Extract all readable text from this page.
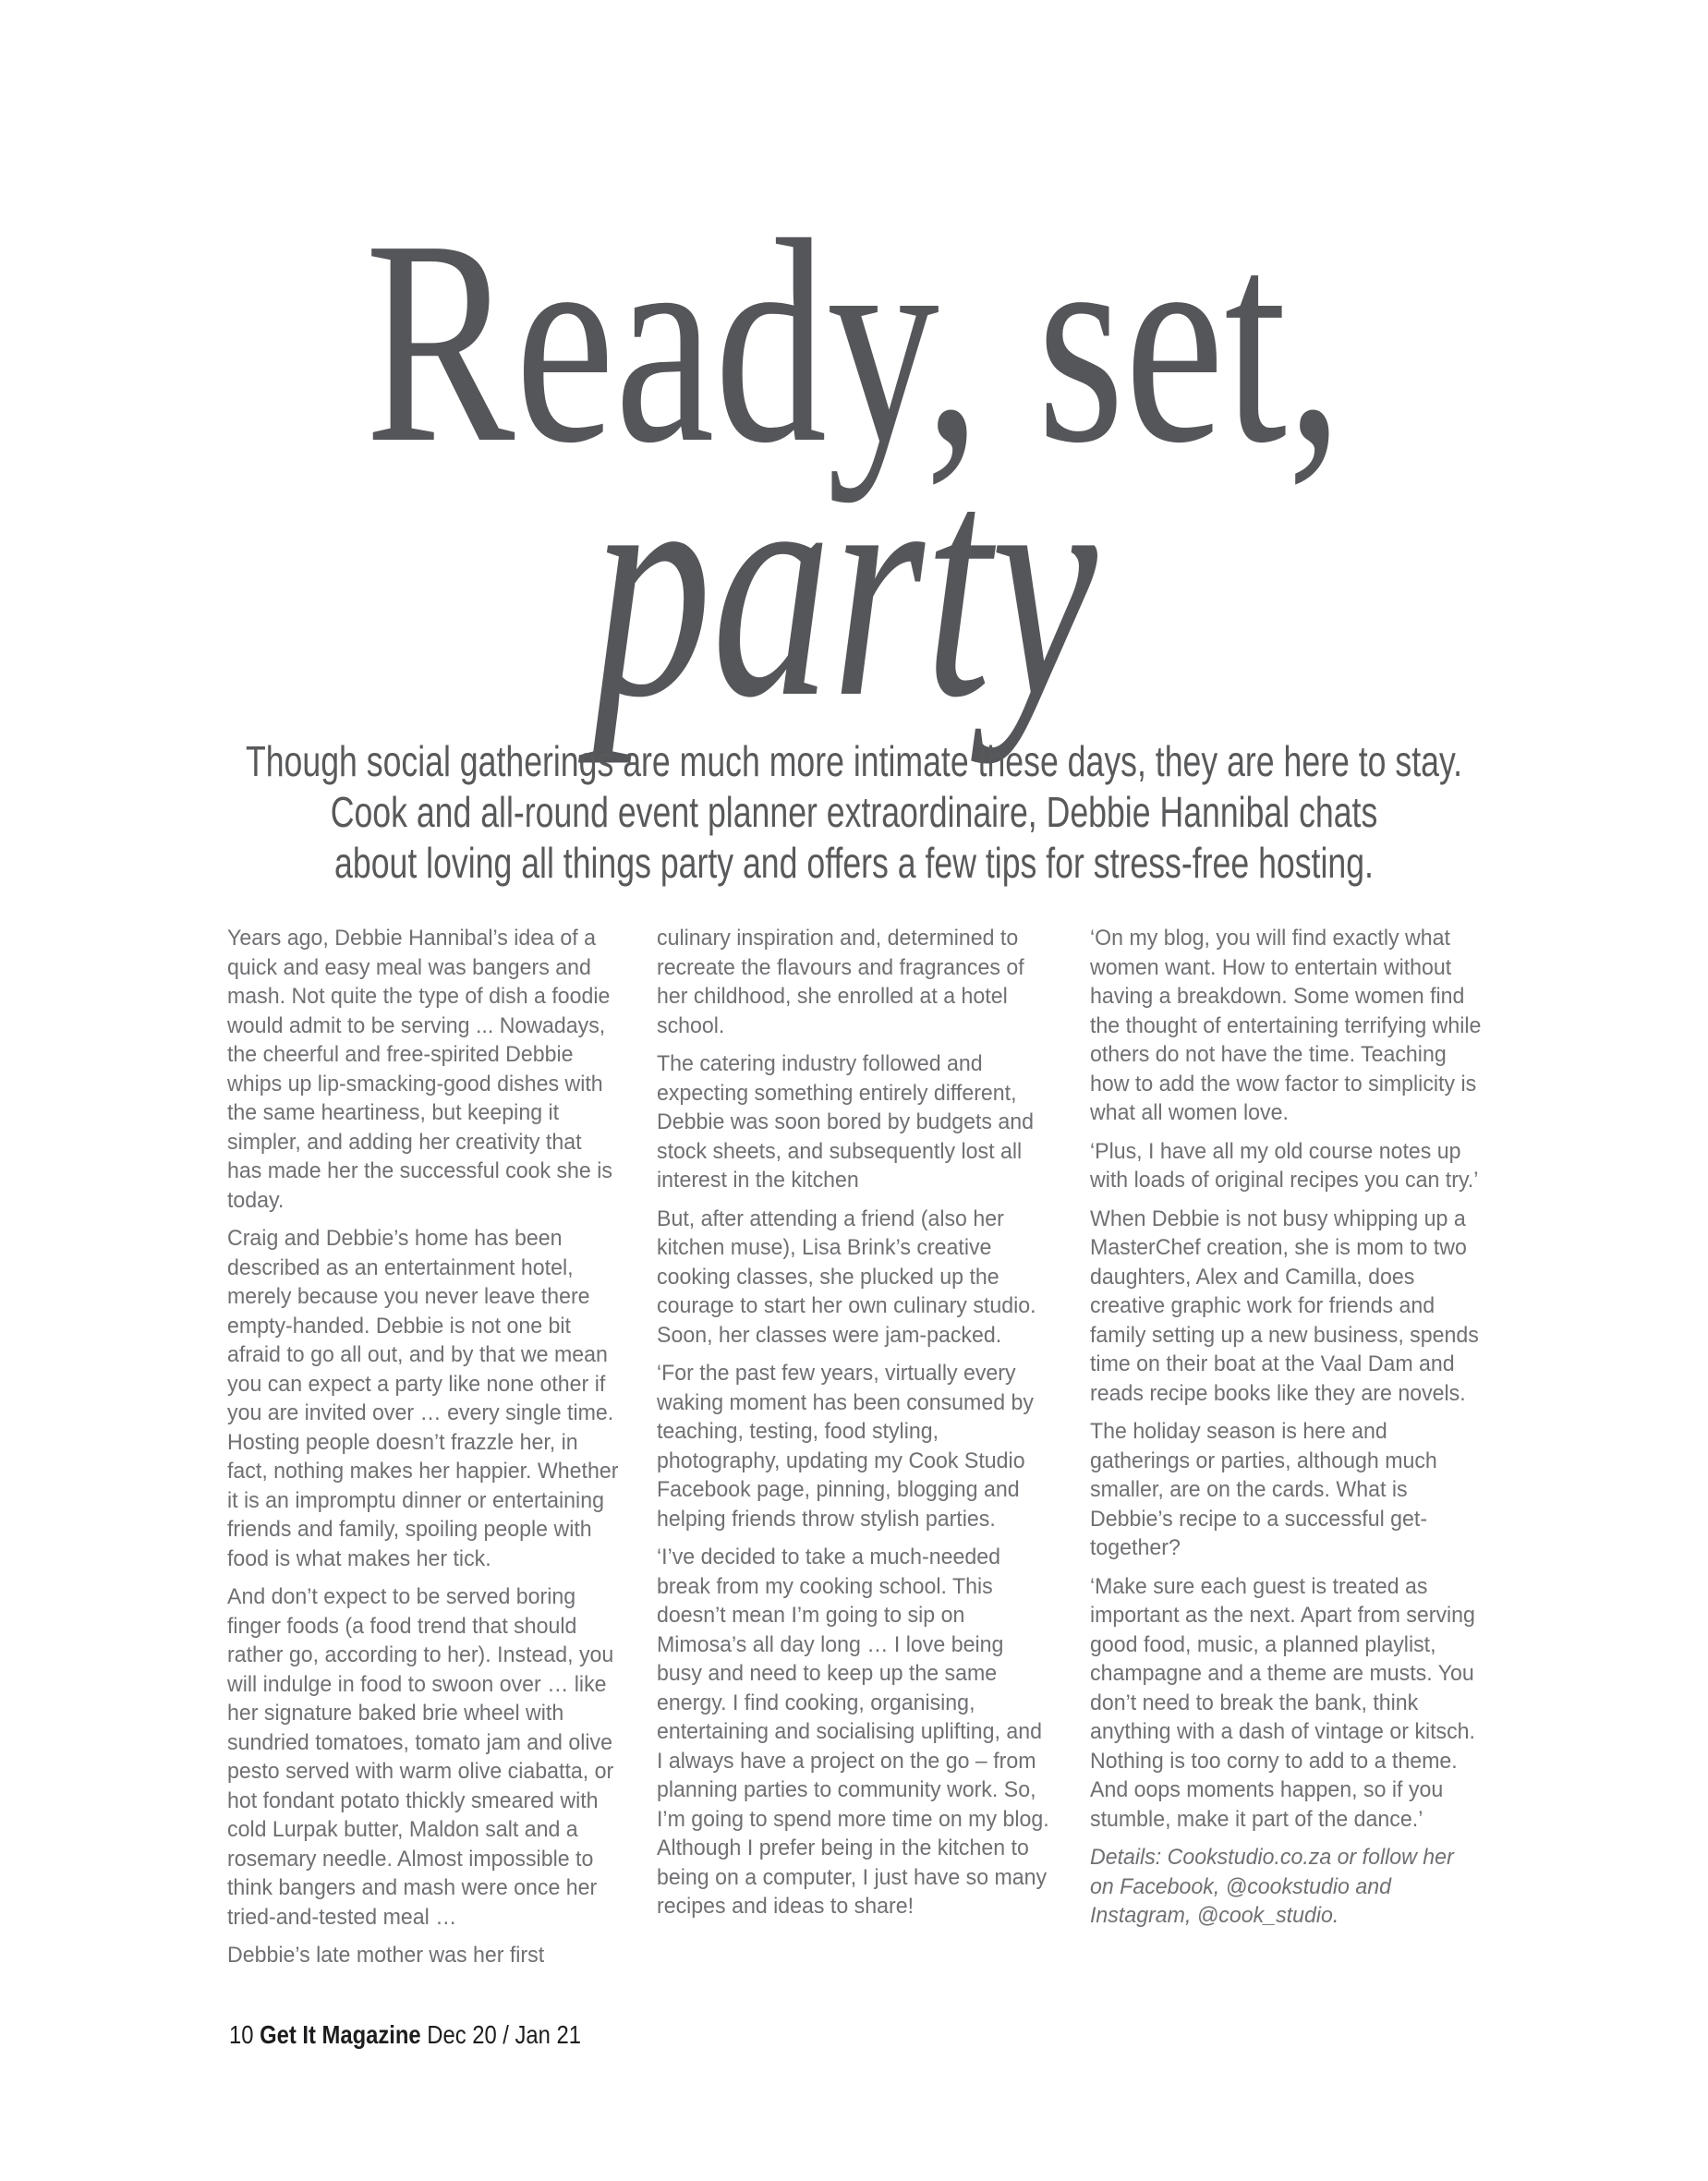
Ready, set,
party
Though social gatherings are much more intimate these days, they are here to stay.
Cook and all-round event planner extraordinaire, Debbie Hannibal chats
about loving all things party and offers a few tips for stress-free hosting.

Years ago, Debbie Hannibal’s idea of a quick and easy meal was bangers and mash. Not quite the type of dish a foodie would admit to be serving ... Nowadays, the cheerful and free-spirited Debbie whips up lip-smacking-good dishes with the same heartiness, but keeping it simpler, and adding her creativity that has made her the successful cook she is today.

Craig and Debbie’s home has been described as an entertainment hotel, merely because you never leave there empty-handed. Debbie is not one bit afraid to go all out, and by that we mean you can expect a party like none other if you are invited over … every single time. Hosting people doesn’t frazzle her, in fact, nothing makes her happier. Whether it is an impromptu dinner or entertaining friends and family, spoiling people with food is what makes her tick.

And don’t expect to be served boring finger foods (a food trend that should rather go, according to her). Instead, you will indulge in food to swoon over … like her signature baked brie wheel with sundried tomatoes, tomato jam and olive pesto served with warm olive ciabatta, or hot fondant potato thickly smeared with cold Lurpak butter, Maldon salt and a rosemary needle. Almost impossible to think bangers and mash were once her tried-and-tested meal …

Debbie’s late mother was her first

culinary inspiration and, determined to recreate the flavours and fragrances of her childhood, she enrolled at a hotel school.

The catering industry followed and expecting something entirely different, Debbie was soon bored by budgets and stock sheets, and subsequently lost all interest in the kitchen

But, after attending a friend (also her kitchen muse), Lisa Brink’s creative cooking classes, she plucked up the courage to start her own culinary studio. Soon, her classes were jam-packed.

‘For the past few years, virtually every waking moment has been consumed by teaching, testing, food styling, photography, updating my Cook Studio Facebook page, pinning, blogging and helping friends throw stylish parties.

‘I’ve decided to take a much-needed break from my cooking school. This doesn’t mean I’m going to sip on Mimosa’s all day long … I love being busy and need to keep up the same energy. I find cooking, organising, entertaining and socialising uplifting, and I always have a project on the go – from planning parties to community work. So, I’m going to spend more time on my blog. Although I prefer being in the kitchen to being on a computer, I just have so many recipes and ideas to share!

‘On my blog, you will find exactly what women want. How to entertain without having a breakdown. Some women find the thought of entertaining terrifying while others do not have the time. Teaching how to add the wow factor to simplicity is what all women love.

‘Plus, I have all my old course notes up with loads of original recipes you can try.’

When Debbie is not busy whipping up a MasterChef creation, she is mom to two daughters, Alex and Camilla, does creative graphic work for friends and family setting up a new business, spends time on their boat at the Vaal Dam and reads recipe books like they are novels.

The holiday season is here and gatherings or parties, although much smaller, are on the cards. What is Debbie’s recipe to a successful get-together?

‘Make sure each guest is treated as important as the next. Apart from serving good food, music, a planned playlist, champagne and a theme are musts. You don’t need to break the bank, think anything with a dash of vintage or kitsch. Nothing is too corny to add to a theme. And oops moments happen, so if you stumble, make it part of the dance.’

Details: Cookstudio.co.za or follow her on Facebook, @cookstudio and Instagram, @cook_studio.

10 Get It Magazine Dec 20 / Jan 21
